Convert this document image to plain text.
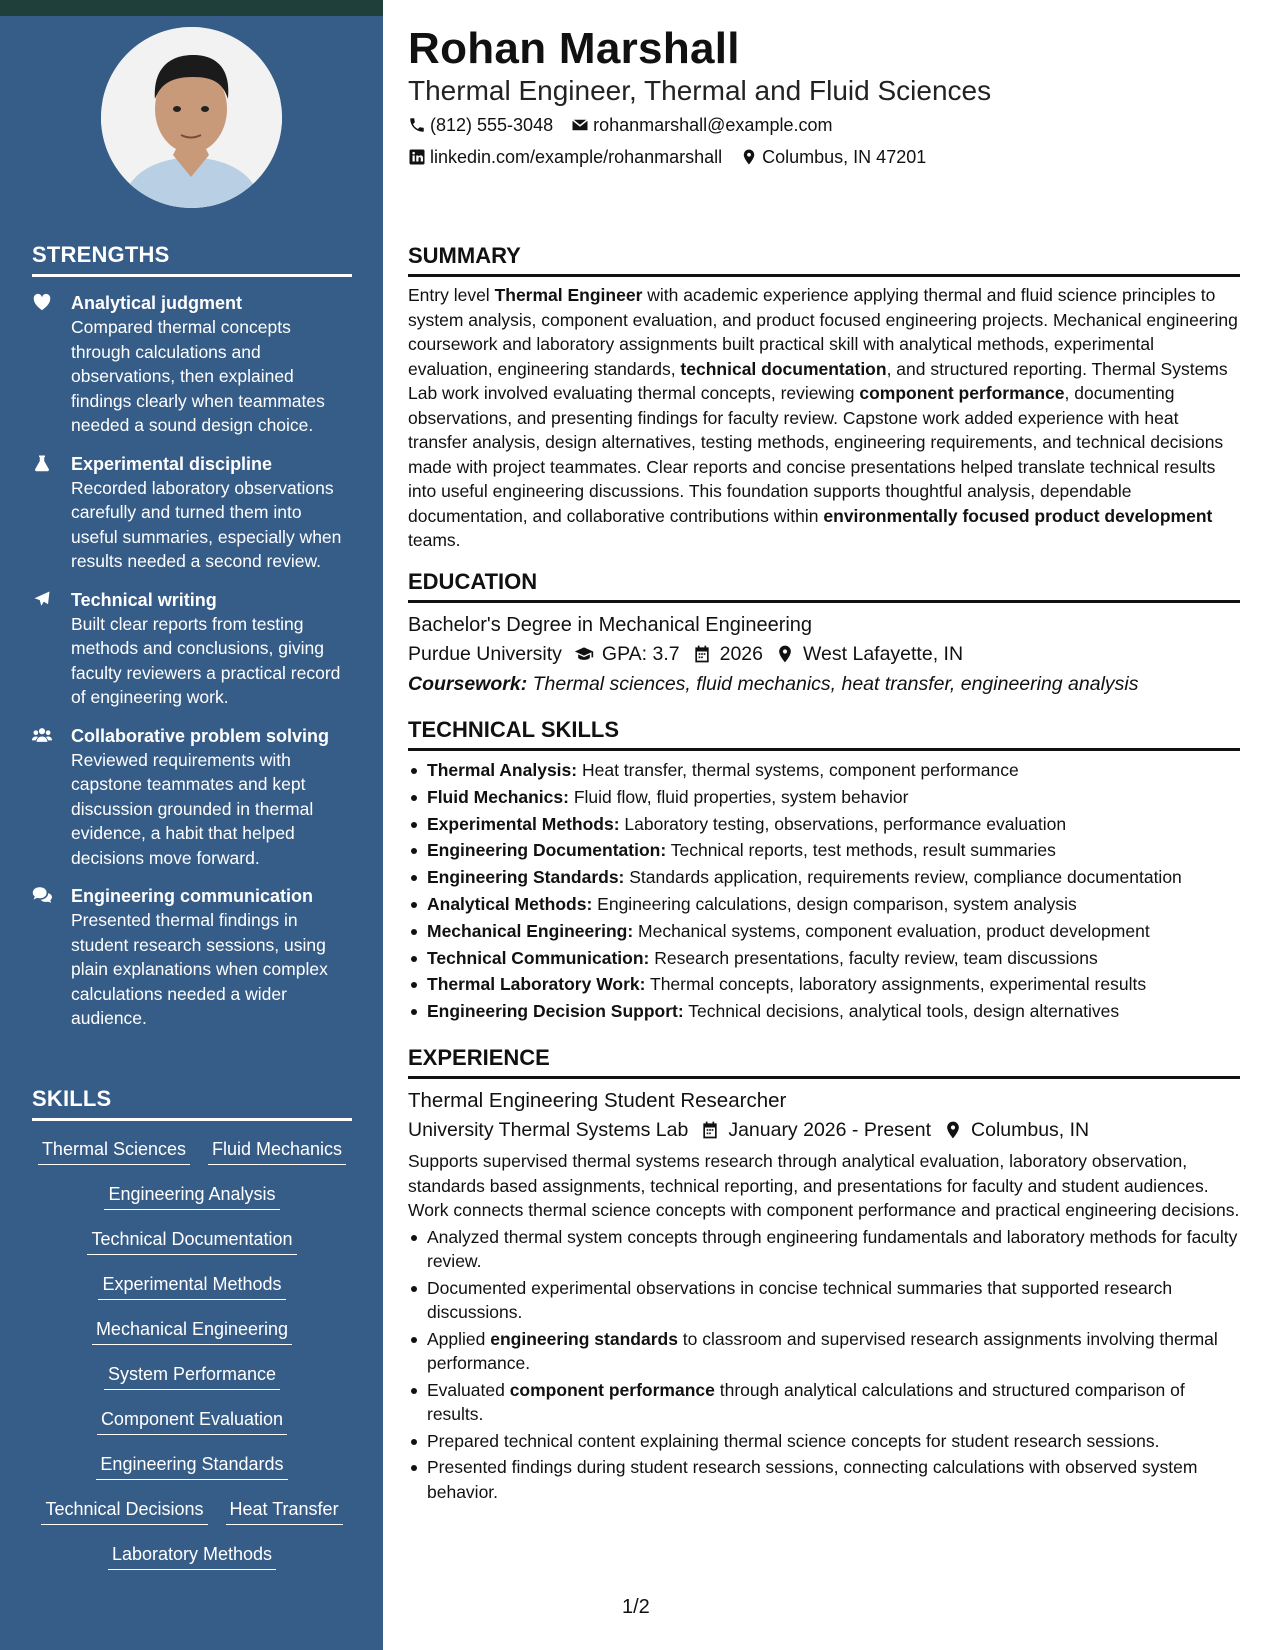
STRENGTHS
Analytical judgment
Compared thermal concepts through calculations and observations, then explained findings clearly when teammates needed a sound design choice.
Experimental discipline
Recorded laboratory observations carefully and turned them into useful summaries, especially when results needed a second review.
Technical writing
Built clear reports from testing methods and conclusions, giving faculty reviewers a practical record of engineering work.
Collaborative problem solving
Reviewed requirements with capstone teammates and kept discussion grounded in thermal evidence, a habit that helped decisions move forward.
Engineering communication
Presented thermal findings in student research sessions, using plain explanations when complex calculations needed a wider audience.
SKILLS
Thermal Sciences Fluid Mechanics
Engineering Analysis
Technical Documentation
Experimental Methods
Mechanical Engineering
System Performance
Component Evaluation
Engineering Standards
Technical Decisions Heat Transfer
Laboratory Methods
Rohan Marshall
Thermal Engineer, Thermal and Fluid Sciences
(812) 555-3048 rohanmarshall@example.com
linkedin.com/example/rohanmarshall Columbus, IN 47201
SUMMARY
Entry level Thermal Engineer with academic experience applying thermal and fluid science principles to system analysis, component evaluation, and product focused engineering projects. Mechanical engineering coursework and laboratory assignments built practical skill with analytical methods, experimental evaluation, engineering standards, technical documentation, and structured reporting. Thermal Systems Lab work involved evaluating thermal concepts, reviewing component performance, documenting observations, and presenting findings for faculty review. Capstone work added experience with heat transfer analysis, design alternatives, testing methods, engineering requirements, and technical decisions made with project teammates. Clear reports and concise presentations helped translate technical results into useful engineering discussions. This foundation supports thoughtful analysis, dependable documentation, and collaborative contributions within environmentally focused product development teams.
EDUCATION
Bachelor's Degree in Mechanical Engineering
Purdue University GPA: 3.7 2026 West Lafayette, IN
Coursework: Thermal sciences, fluid mechanics, heat transfer, engineering analysis
TECHNICAL SKILLS
Thermal Analysis: Heat transfer, thermal systems, component performance
Fluid Mechanics: Fluid flow, fluid properties, system behavior
Experimental Methods: Laboratory testing, observations, performance evaluation
Engineering Documentation: Technical reports, test methods, result summaries
Engineering Standards: Standards application, requirements review, compliance documentation
Analytical Methods: Engineering calculations, design comparison, system analysis
Mechanical Engineering: Mechanical systems, component evaluation, product development
Technical Communication: Research presentations, faculty review, team discussions
Thermal Laboratory Work: Thermal concepts, laboratory assignments, experimental results
Engineering Decision Support: Technical decisions, analytical tools, design alternatives
EXPERIENCE
Thermal Engineering Student Researcher
University Thermal Systems Lab January 2026 - Present Columbus, IN
Supports supervised thermal systems research through analytical evaluation, laboratory observation, standards based assignments, technical reporting, and presentations for faculty and student audiences. Work connects thermal science concepts with component performance and practical engineering decisions.
Analyzed thermal system concepts through engineering fundamentals and laboratory methods for faculty review.
Documented experimental observations in concise technical summaries that supported research discussions.
Applied engineering standards to classroom and supervised research assignments involving thermal performance.
Evaluated component performance through analytical calculations and structured comparison of results.
Prepared technical content explaining thermal science concepts for student research sessions.
Presented findings during student research sessions, connecting calculations with observed system behavior.
1/2
